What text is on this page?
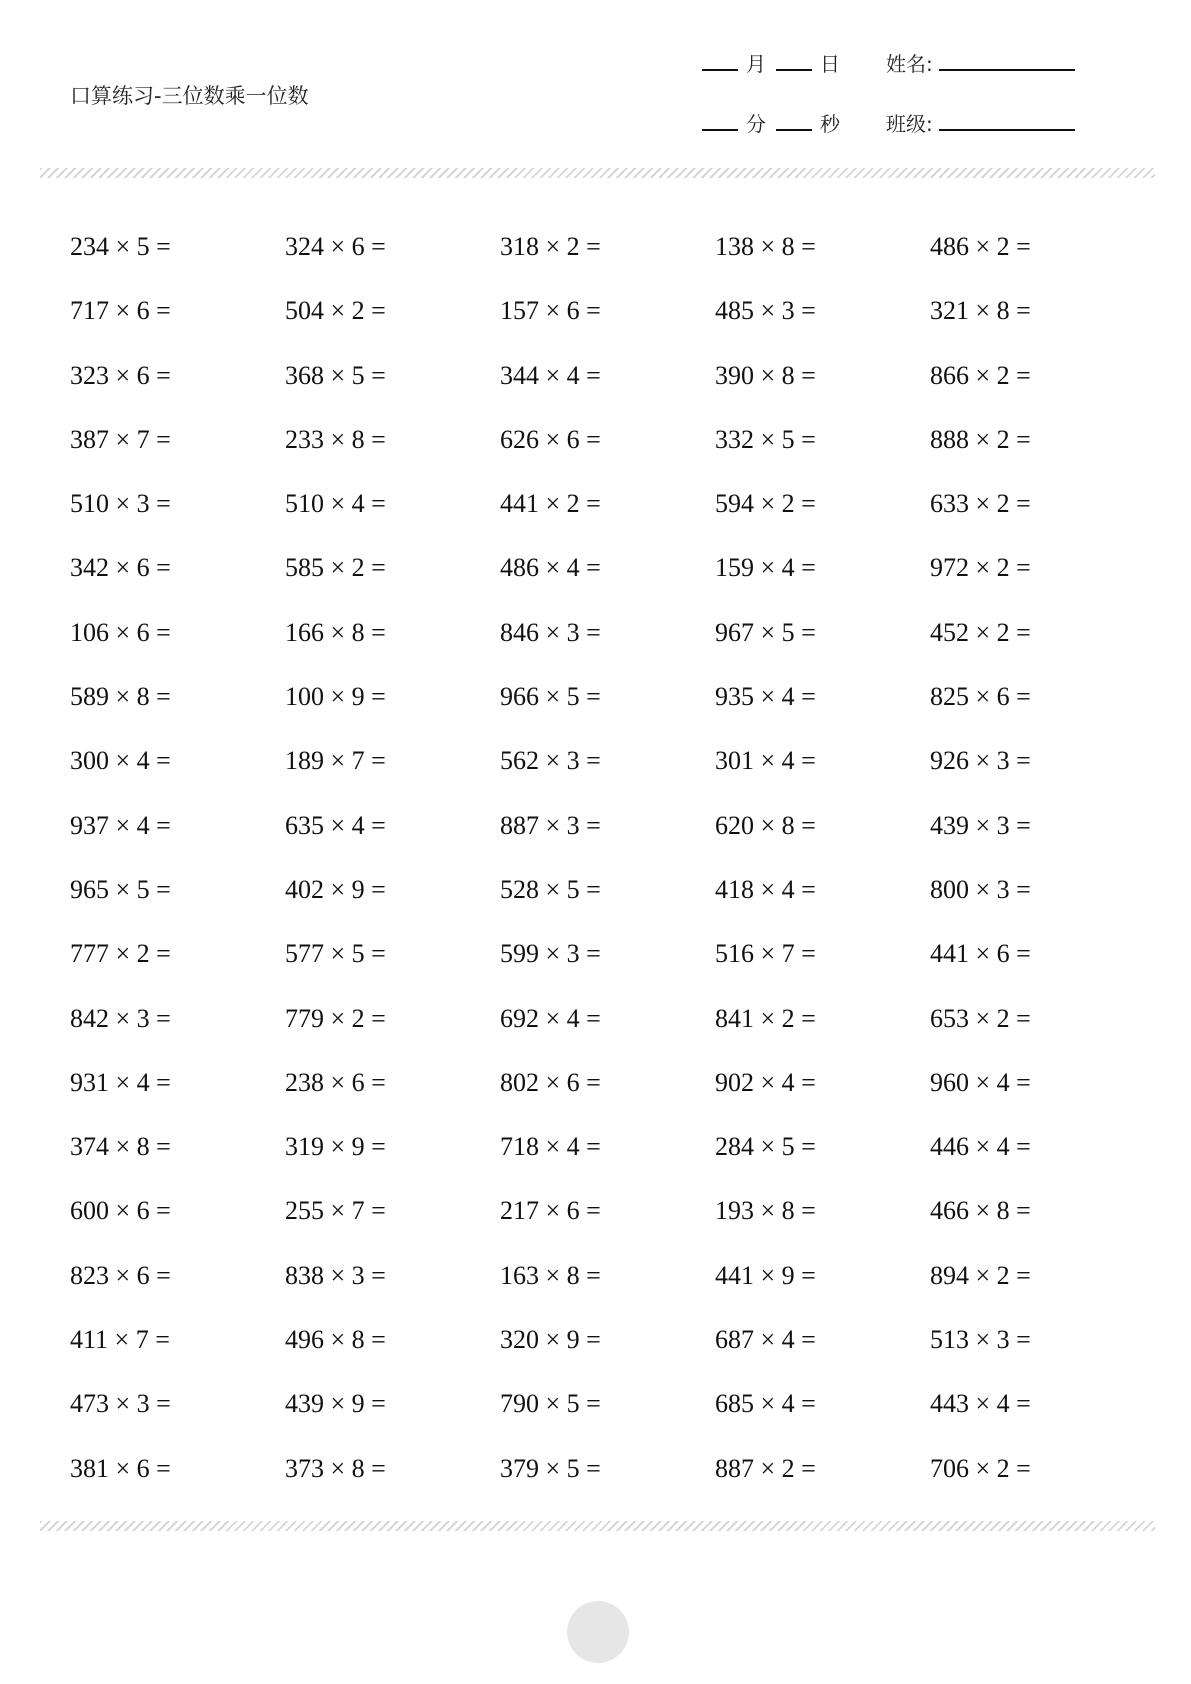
口算练习-三位数乘一位数
月	日 姓名:
分	秒 班级:
234 × 5 =	324 × 6 =	318 × 2 =	138 × 8 =	486 × 2 =
717 × 6 =	504 × 2 =	157 × 6 =	485 × 3 =	321 × 8 =
323 × 6 =	368 × 5 =	344 × 4 =	390 × 8 =	866 × 2 =
387 × 7 =	233 × 8 =	626 × 6 =	332 × 5 =	888 × 2 =
510 × 3 =	510 × 4 =	441 × 2 =	594 × 2 =	633 × 2 =
342 × 6 =	585 × 2 =	486 × 4 =	159 × 4 =	972 × 2 =
106 × 6 =	166 × 8 =	846 × 3 =	967 × 5 =	452 × 2 =
589 × 8 =	100 × 9 =	966 × 5 =	935 × 4 =	825 × 6 =
300 × 4 =	189 × 7 =	562 × 3 =	301 × 4 =	926 × 3 =
937 × 4 =	635 × 4 =	887 × 3 =	620 × 8 =	439 × 3 =
965 × 5 =	402 × 9 =	528 × 5 =	418 × 4 =	800 × 3 =
777 × 2 =	577 × 5 =	599 × 3 =	516 × 7 =	441 × 6 =
842 × 3 =	779 × 2 =	692 × 4 =	841 × 2 =	653 × 2 =
931 × 4 =	238 × 6 =	802 × 6 =	902 × 4 =	960 × 4 =
374 × 8 =	319 × 9 =	718 × 4 =	284 × 5 =	446 × 4 =
600 × 6 =	255 × 7 =	217 × 6 =	193 × 8 =	466 × 8 =
823 × 6 =	838 × 3 =	163 × 8 =	441 × 9 =	894 × 2 =
411 × 7 =	496 × 8 =	320 × 9 =	687 × 4 =	513 × 3 =
473 × 3 =	439 × 9 =	790 × 5 =	685 × 4 =	443 × 4 =
381 × 6 =	373 × 8 =	379 × 5 =	887 × 2 =	706 × 2 =
